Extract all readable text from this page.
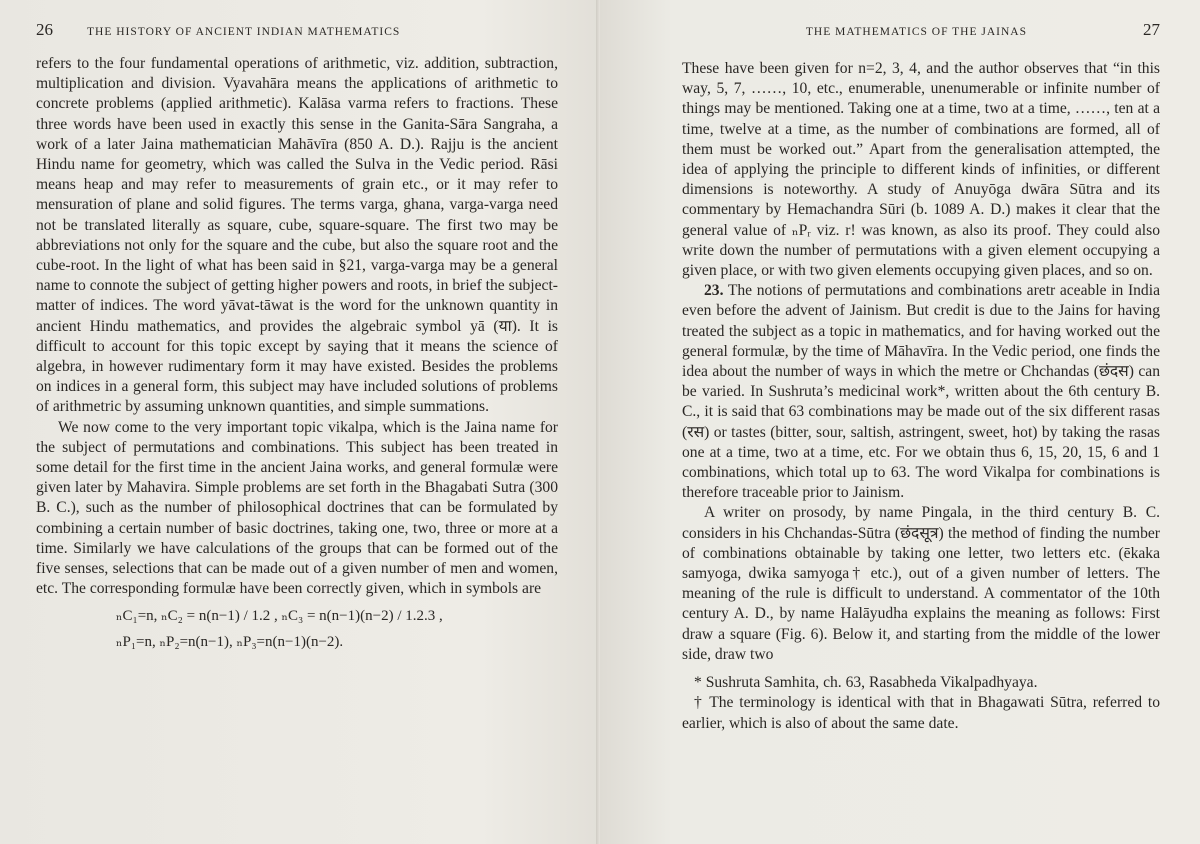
26	THE HISTORY OF ANCIENT INDIAN MATHEMATICS

refers to the four fundamental operations of arithmetic, viz. addition, subtraction, multiplication and division. Vyavahāra means the applications of arithmetic to concrete problems (applied arithmetic). Kalāsa varma refers to fractions. These three words have been used in exactly this sense in the Ganita-Sāra Sangraha, a work of a later Jaina mathematician Mahāvīra (850 A. D.). Rajju is the ancient Hindu name for geometry, which was called the Sulva in the Vedic period. Rāsi means heap and may refer to measurements of grain etc., or it may refer to mensuration of plane and solid figures. The terms varga, ghana, varga-varga need not be translated literally as square, cube, square-square. The first two may be abbreviations not only for the square and the cube, but also the square root and the cube-root. In the light of what has been said in §21, varga-varga may be a general name to connote the subject of getting higher powers and roots, in brief the subject-matter of indices. The word yāvat-tāwat is the word for the unknown quantity in ancient Hindu mathematics, and provides the algebraic symbol yā (या). It is difficult to account for this topic except by saying that it means the science of algebra, in however rudimentary form it may have existed. Besides the problems on indices in a general form, this subject may have included solutions of problems of arithmetric by assuming unknown quantities, and simple summations.

We now come to the very important topic vikalpa, which is the Jaina name for the subject of permutations and combinations. This subject has been treated in some detail for the first time in the ancient Jaina works, and general formulæ were given later by Mahavira. Simple problems are set forth in the Bhagabati Sutra (300 B. C.), such as the number of philosophical doctrines that can be formulated by combining a certain number of basic doctrines, taking one, two, three or more at a time. Similarly we have calculations of the groups that can be formed out of the five senses, selections that can be made out of a given number of men and women, etc. The corresponding formulæ have been correctly given, which in symbols are

ₙC₁=n, ₙC₂ = n(n−1) / 1.2 , ₙC₃ = n(n−1)(n−2) / 1.2.3 ,
ₙP₁=n, ₙP₂=n(n−1), ₙP₃=n(n−1)(n−2).
THE MATHEMATICS OF THE JAINAS	27

These have been given for n=2, 3, 4, and the author observes that “in this way, 5, 7, ……, 10, etc., enumerable, unenumerable or infinite number of things may be mentioned. Taking one at a time, two at a time, ……, ten at a time, twelve at a time, as the number of combinations are formed, all of them must be worked out.” Apart from the generalisation attempted, the idea of applying the principle to different kinds of infinities, or different dimensions is noteworthy. A study of Anuyōga dwāra Sūtra and its commentary by Hemachandra Sūri (b. 1089 A. D.) makes it clear that the general value of ₙPᵣ viz. r! was known, as also its proof. They could also write down the number of permutations with a given element occupying a given place, or with two given elements occupying given places, and so on.

23. The notions of permutations and combinations aretr aceable in India even before the advent of Jainism. But credit is due to the Jains for having treated the subject as a topic in mathematics, and for having worked out the general formulæ, by the time of Māhavīra. In the Vedic period, one finds the idea about the number of ways in which the metre or Chchandas (छंदस) can be varied. In Sushruta’s medicinal work*, written about the 6th century B. C., it is said that 63 combinations may be made out of the six different rasas (रस) or tastes (bitter, sour, saltish, astringent, sweet, hot) by taking the rasas one at a time, two at a time, etc. For we obtain thus 6, 15, 20, 15, 6 and 1 combinations, which total up to 63. The word Vikalpa for combinations is therefore traceable prior to Jainism.

A writer on prosody, by name Pingala, in the third century B. C. considers in his Chchandas-Sūtra (छंदसूत्र) the method of finding the number of combinations obtainable by taking one letter, two letters etc. (ēkaka samyoga, dwika samyoga† etc.), out of a given number of letters. The meaning of the rule is difficult to understand. A commentator of the 10th century A. D., by name Halāyudha explains the meaning as follows: First draw a square (Fig. 6). Below it, and starting from the middle of the lower side, draw two

* Sushruta Samhita, ch. 63, Rasabheda Vikalpadhyaya.

† The terminology is identical with that in Bhagawati Sūtra, referred to earlier, which is also of about the same date.
